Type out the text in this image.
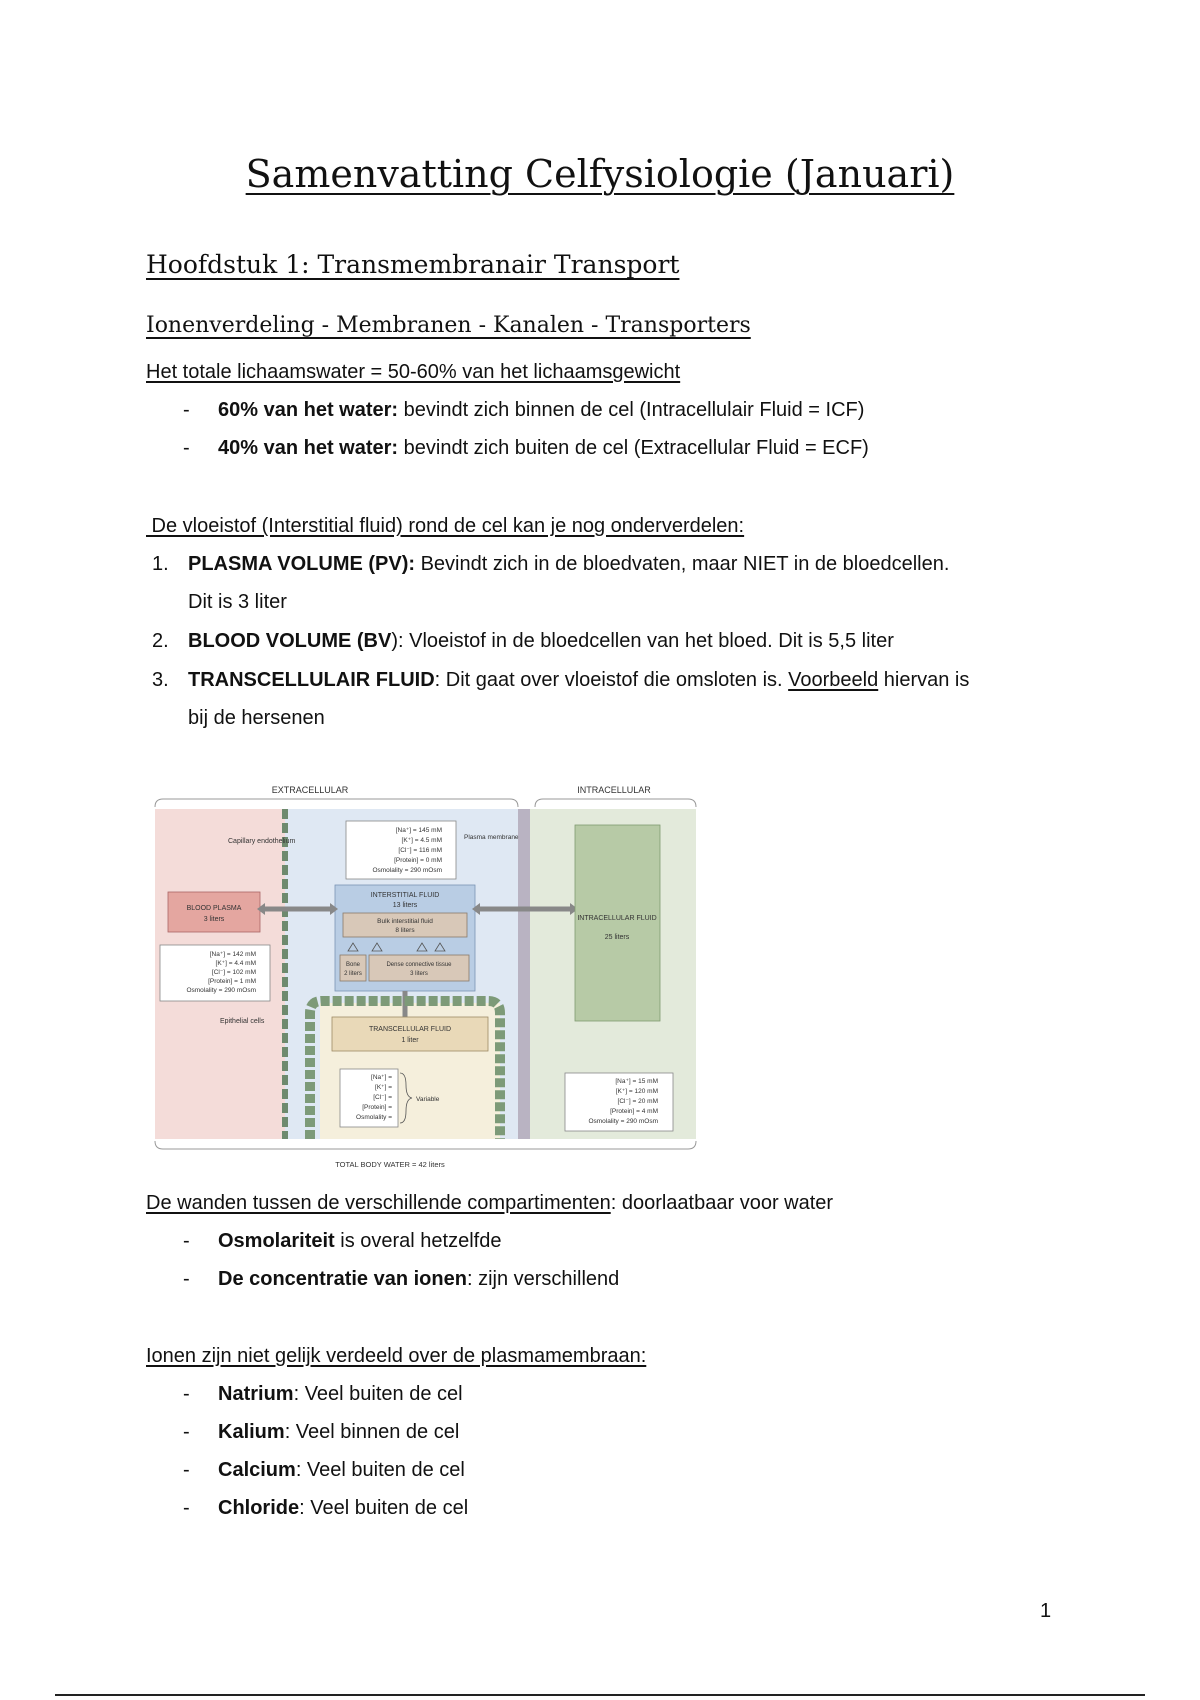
Samenvatting Celfysiologie (Januari)
Hoofdstuk 1: Transmembranair Transport
Ionenverdeling - Membranen - Kanalen - Transporters
Het totale lichaamswater = 50-60% van het lichaamsgewicht
- 60% van het water: bevindt zich binnen de cel (Intracellulair Fluid = ICF)
- 40% van het water: bevindt zich buiten de cel (Extracellular Fluid = ECF)
De vloeistof (Interstitial fluid) rond de cel kan je nog onderverdelen:
1. PLASMA VOLUME (PV): Bevindt zich in de bloedvaten, maar NIET in de bloedcellen.
Dit is 3 liter
2. BLOOD VOLUME (BV): Vloeistof in de bloedcellen van het bloed. Dit is 5,5 liter
3. TRANSCELLULAIR FLUID: Dit gaat over vloeistof die omsloten is. Voorbeeld hiervan is
bij de hersenen
EXTRACELLULAR	INTRACELLULAR
Capillary endothelium
[Na⁺] = 145 mM
[K⁺] = 4.5 mM
[Cl⁻] = 116 mM
[Protein] = 0 mM
Osmolality = 290 mOsm
Plasma membrane
BLOOD PLASMA
3 liters
INTERSTITIAL FLUID
13 liters
Bulk interstitial fluid
8 liters
Bone
2 liters
Dense connective tissue
3 liters
INTRACELLULAR FLUID
25 liters
[Na⁺] = 142 mM
[K⁺] = 4.4 mM
[Cl⁻] = 102 mM
[Protein] = 1 mM
Osmolality = 290 mOsm
Epithelial cells
TRANSCELLULAR FLUID
1 liter
[Na⁺] =
[K⁺] =
[Cl⁻] =
[Protein] =
Osmolality =
Variable
[Na⁺] = 15 mM
[K⁺] = 120 mM
[Cl⁻] = 20 mM
[Protein] = 4 mM
Osmolality = 290 mOsm
TOTAL BODY WATER = 42 liters
De wanden tussen de verschillende compartimenten: doorlaatbaar voor water
- Osmolariteit is overal hetzelfde
- De concentratie van ionen: zijn verschillend
Ionen zijn niet gelijk verdeeld over de plasmamembraan:
- Natrium: Veel buiten de cel
- Kalium: Veel binnen de cel
- Calcium: Veel buiten de cel
- Chloride: Veel buiten de cel
1
